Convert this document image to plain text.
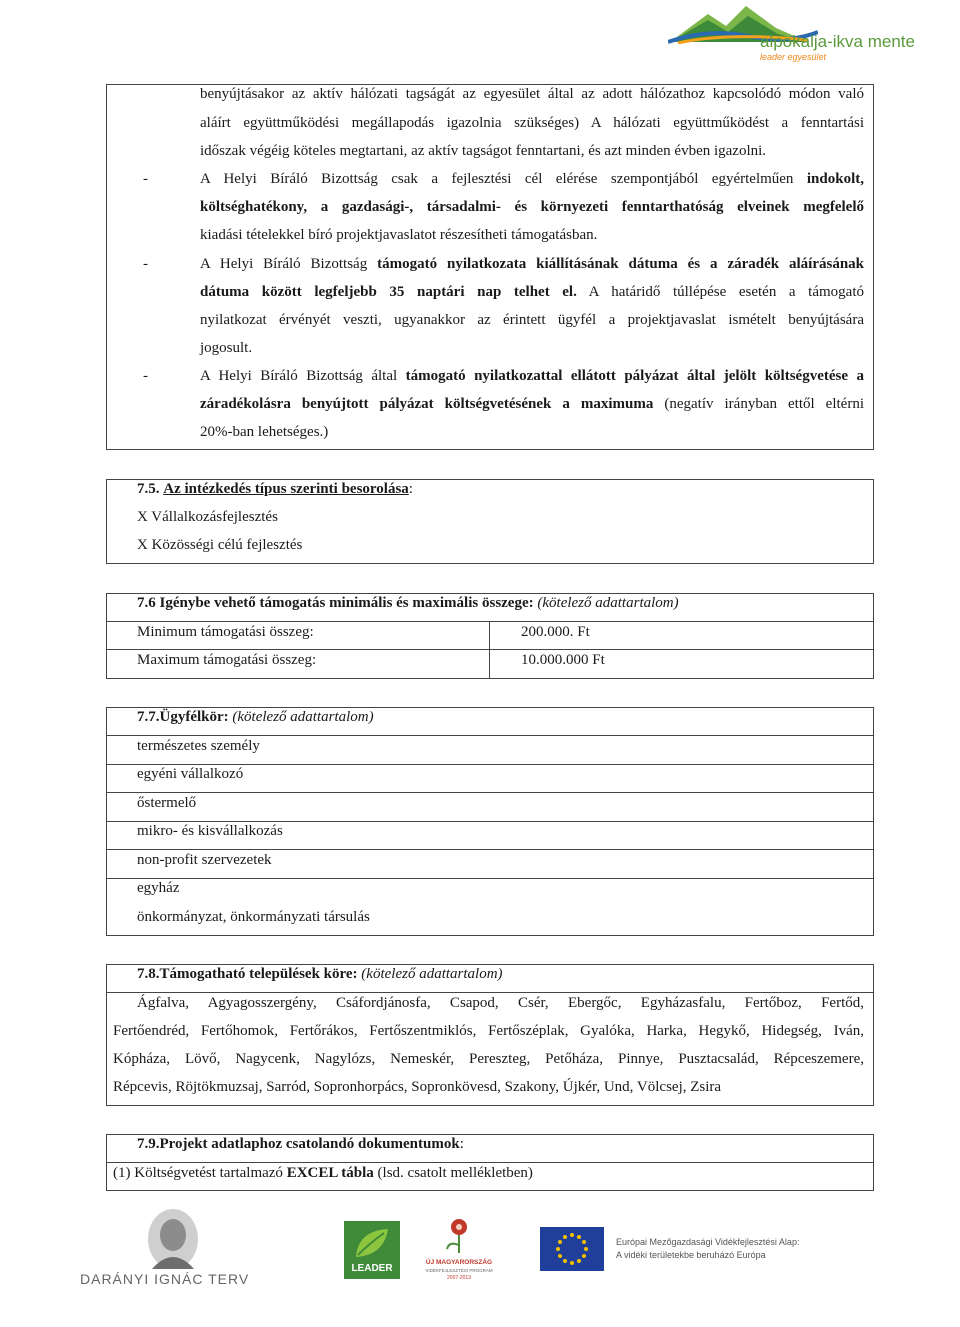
alpokalja-ikva mente
leader egyesület
benyújtásakor az aktív hálózati tagságát az egyesület által az adott hálózathoz kapcsolódó módon való
aláírt együttműködési megállapodás igazolnia szükséges) A hálózati együttműködést a fenntartási
időszak végéig köteles megtartani, az aktív tagságot fenntartani, és azt minden évben igazolni.
-	A Helyi Bíráló Bizottság csak a fejlesztési cél elérése szempontjából egyértelműen indokolt,
költséghatékony, a gazdasági-, társadalmi- és környezeti fenntarthatóság elveinek megfelelő
kiadási tételekkel bíró projektjavaslatot részesítheti támogatásban.
-	A Helyi Bíráló Bizottság támogató nyilatkozata kiállításának dátuma és a záradék aláírásának
dátuma között legfeljebb 35 naptári nap telhet el. A határidő túllépése esetén a támogató
nyilatkozat érvényét veszti, ugyanakkor az érintett ügyfél a projektjavaslat ismételt benyújtására
jogosult.
-	A Helyi Bíráló Bizottság által támogató nyilatkozattal ellátott pályázat által jelölt költségvetése a
záradékolásra benyújtott pályázat költségvetésének a maximuma (negatív irányban ettől eltérni
20%-ban lehetséges.)
7.5. Az intézkedés típus szerinti besorolása:
X Vállalkozásfejlesztés
X Közösségi célú fejlesztés
7.6 Igénybe vehető támogatás minimális és maximális összege: (kötelező adattartalom)
Minimum támogatási összeg:	200.000. Ft
Maximum támogatási összeg:	10.000.000 Ft
7.7.Ügyfélkör: (kötelező adattartalom)
természetes személy
egyéni vállalkozó
őstermelő
mikro- és kisvállalkozás
non-profit szervezetek
egyház
önkormányzat, önkormányzati társulás
7.8.Támogatható települések köre: (kötelező adattartalom)
Ágfalva, Agyagosszergény, Csáfordjánosfa, Csapod, Csér, Ebergőc, Egyházasfalu, Fertőboz, Fertőd,
Fertőendréd, Fertőhomok, Fertőrákos, Fertőszentmiklós, Fertőszéplak, Gyalóka, Harka, Hegykő, Hidegség, Iván,
Kópháza, Lövő, Nagycenk, Nagylózs, Nemeskér, Pereszteg, Petőháza, Pinnye, Pusztacsalád, Répceszemere,
Répcevis, Röjtökmuzsaj, Sarród, Sopronhorpács, Sopronkövesd, Szakony, Újkér, Und, Völcsej, Zsira
7.9.Projekt adatlaphoz csatolandó dokumentumok:
(1) Költségvetést tartalmazó EXCEL tábla (lsd. csatolt mellékletben)
DARÁNYI IGNÁC TERV
LEADER
ÚJ MAGYARORSZÁG
VIDÉKFEJLESZTÉSI PROGRAM
2007-2013
Európai Mezőgazdasági Vidékfejlesztési Alap:
A vidéki területekbe beruházó Európa
